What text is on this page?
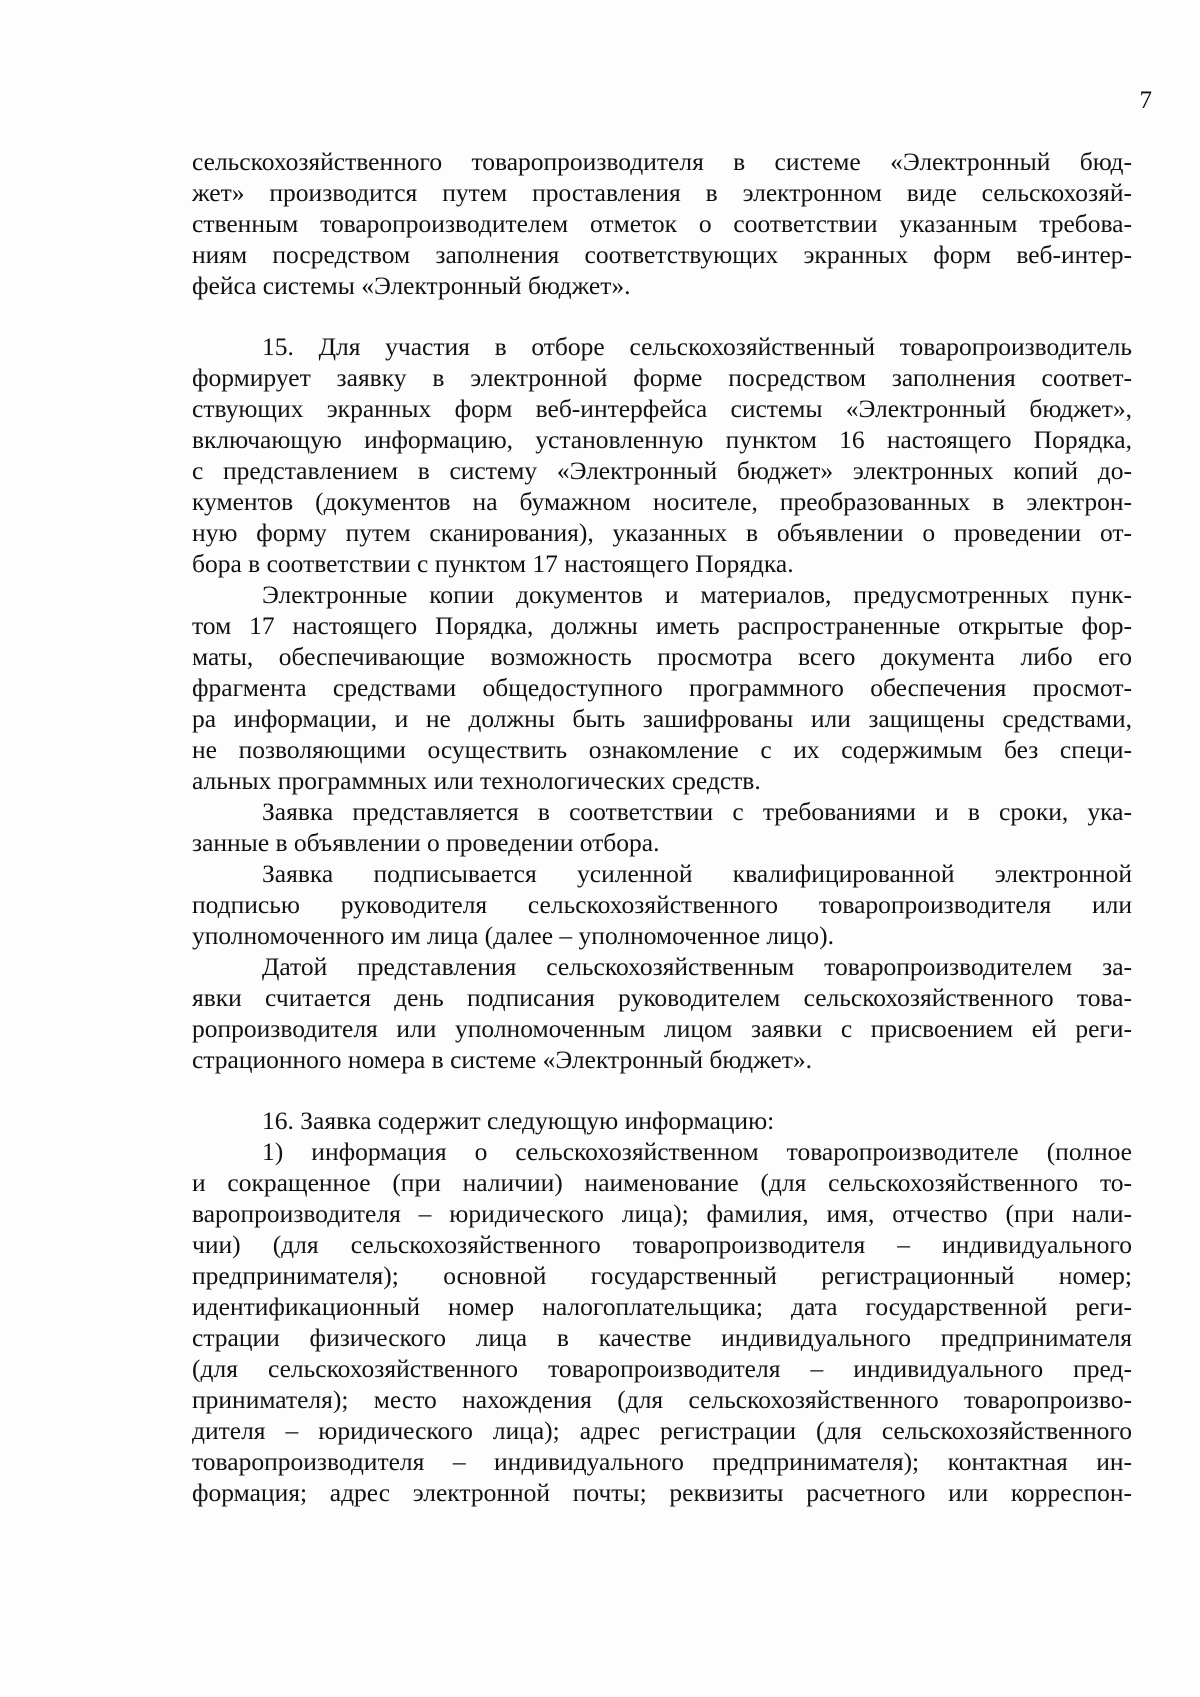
7
сельскохозяйственного товаропроизводителя в системе «Электронный бюд-
жет» производится путем проставления в электронном виде сельскохозяй-
ственным товаропроизводителем отметок о соответствии указанным требова-
ниям посредством заполнения соответствующих экранных форм веб-интер-
фейса системы «Электронный бюджет».
15. Для участия в отборе сельскохозяйственный товаропроизводитель
формирует заявку в электронной форме посредством заполнения соответ-
ствующих экранных форм веб-интерфейса системы «Электронный бюджет»,
включающую информацию, установленную пунктом 16 настоящего Порядка,
с представлением в систему «Электронный бюджет» электронных копий до-
кументов (документов на бумажном носителе, преобразованных в электрон-
ную форму путем сканирования), указанных в объявлении о проведении от-
бора в соответствии с пунктом 17 настоящего Порядка.
Электронные копии документов и материалов, предусмотренных пунк-
том 17 настоящего Порядка, должны иметь распространенные открытые фор-
маты, обеспечивающие возможность просмотра всего документа либо его
фрагмента средствами общедоступного программного обеспечения просмот-
ра информации, и не должны быть зашифрованы или защищены средствами,
не позволяющими осуществить ознакомление с их содержимым без специ-
альных программных или технологических средств.
Заявка представляется в соответствии с требованиями и в сроки, ука-
занные в объявлении о проведении отбора.
Заявка подписывается усиленной квалифицированной электронной
подписью руководителя сельскохозяйственного товаропроизводителя или
уполномоченного им лица (далее – уполномоченное лицо).
Датой представления сельскохозяйственным товаропроизводителем за-
явки считается день подписания руководителем сельскохозяйственного това-
ропроизводителя или уполномоченным лицом заявки с присвоением ей реги-
страционного номера в системе «Электронный бюджет».
16. Заявка содержит следующую информацию:
1) информация о сельскохозяйственном товаропроизводителе (полное
и сокращенное (при наличии) наименование (для сельскохозяйственного то-
варопроизводителя – юридического лица); фамилия, имя, отчество (при нали-
чии) (для сельскохозяйственного товаропроизводителя – индивидуального
предпринимателя); основной государственный регистрационный номер;
идентификационный номер налогоплательщика; дата государственной реги-
страции физического лица в качестве индивидуального предпринимателя
(для сельскохозяйственного товаропроизводителя – индивидуального пред-
принимателя); место нахождения (для сельскохозяйственного товаропроизво-
дителя – юридического лица); адрес регистрации (для сельскохозяйственного
товаропроизводителя – индивидуального предпринимателя); контактная ин-
формация; адрес электронной почты; реквизиты расчетного или корреспон-
